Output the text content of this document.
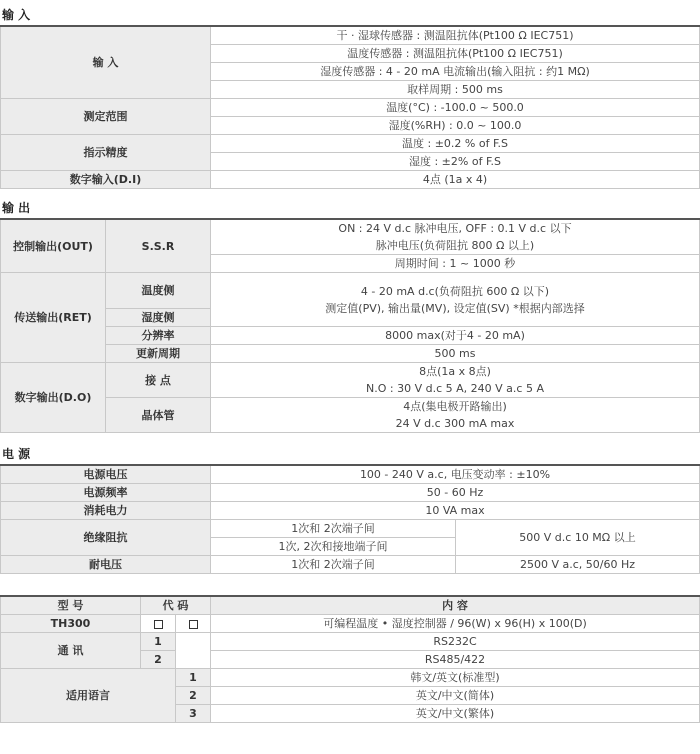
输 入
输 入	干 · 湿球传感器 : 测温阻抗体(Pt100 Ω IEC751)
	温度传感器 : 测温阻抗体(Pt100 Ω IEC751)
	湿度传感器 : 4 - 20 mA 电流输出(输入阻抗 : 约1 MΩ)
	取样周期 : 500 ms
测定范围	温度(°C) : -100.0 ~ 500.0
	湿度(%RH) : 0.0 ~ 100.0
指示精度	温度 : ±0.2 % of F.S
	湿度 : ±2% of F.S
数字输入(D.I)	4点 (1a x 4)
输 出
控制输出(OUT)	S.S.R	ON : 24 V d.c 脉冲电压, OFF : 0.1 V d.c 以下
		脉冲电压(负荷阻抗 800 Ω 以上)
		周期时间 : 1 ~ 1000 秒
传送输出(RET)	温度侧	4 - 20 mA d.c(负荷阻抗 600 Ω 以下)
测定值(PV), 输出量(MV), 设定值(SV) *根据内部选择

	湿度侧	
	分辨率	8000 max(对于4 - 20 mA)
	更新周期	500 ms
数字输出(D.O)	接 点	8点(1a x 8点)
		N.O : 30 V d.c 5 A, 240 V a.c 5 A
	晶体管	4点(集电极开路输出)
		24 V d.c 300 mA max
电 源
电源电压	100 - 240 V a.c, 电压变动率 : ±10%	
电源频率	50 - 60 Hz	
消耗电力	10 VA max	
绝缘阻抗	1次和 2次端子间	500 V d.c 10 MΩ 以上
	1次, 2次和接地端子间	
耐电压	1次和 2次端子间	2500 V a.c, 50/60 Hz
型 号	代 码		内 容
TH300			可编程温度 • 湿度控制器 / 96(W) x 96(H) x 100(D)
通 讯	1		RS232C
	2		RS485/422
适用语言		1	韩文/英文(标准型)
		2	英文/中文(简体)
		3	英文/中文(繁体)
